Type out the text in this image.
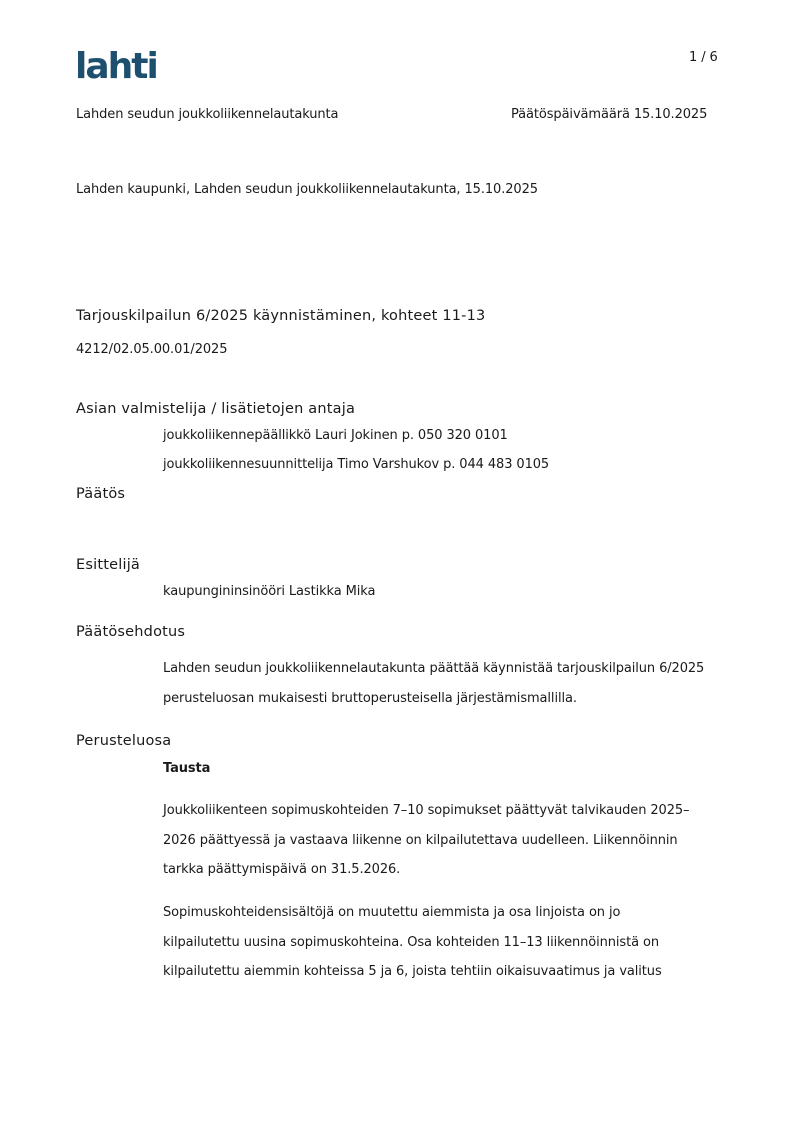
lahti	1 / 6
Lahden seudun joukkoliikennelautakunta	Päätöspäivämäärä 15.10.2025
Lahden kaupunki, Lahden seudun joukkoliikennelautakunta, 15.10.2025
Tarjouskilpailun 6/2025 käynnistäminen, kohteet 11-13
4212/02.05.00.01/2025
Asian valmistelija / lisätietojen antaja
joukkoliikennepäällikkö Lauri Jokinen p. 050 320 0101
joukkoliikennesuunnittelija Timo Varshukov p. 044 483 0105
Päätös
Esittelijä
kaupungininsinööri Lastikka Mika
Päätösehdotus
Lahden seudun joukkoliikennelautakunta päättää käynnistää tarjouskilpailun 6/2025
perusteluosan mukaisesti bruttoperusteisella järjestämismallilla.
Perusteluosa
Tausta
Joukkoliikenteen sopimuskohteiden 7–10 sopimukset päättyvät talvikauden 2025–
2026 päättyessä ja vastaava liikenne on kilpailutettava uudelleen. Liikennöinnin
tarkka päättymispäivä on 31.5.2026.
Sopimuskohteidensisältöjä on muutettu aiemmista ja osa linjoista on jo
kilpailutettu uusina sopimuskohteina. Osa kohteiden 11–13 liikennöinnistä on
kilpailutettu aiemmin kohteissa 5 ja 6, joista tehtiin oikaisuvaatimus ja valitus
